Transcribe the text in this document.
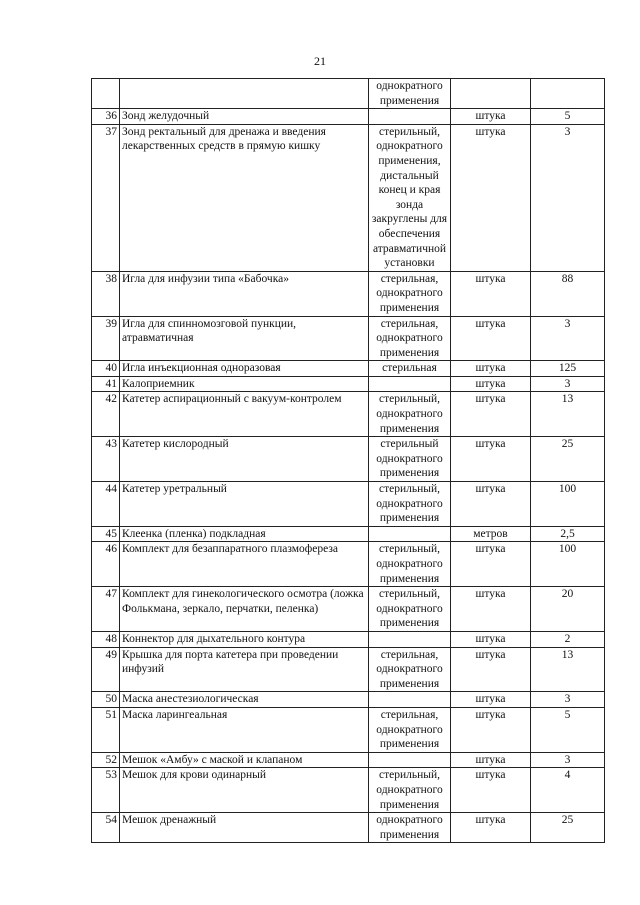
21
		однократного применения		
36	Зонд желудочный		штука	5
37	Зонд ректальный для дренажа и введения лекарственных средств в прямую кишку	стерильный, однократного применения, дистальный конец и края зонда закруглены для обеспечения атравматичной установки	штука	3
38	Игла для инфузии типа «Бабочка»	стерильная, однократного применения	штука	88
39	Игла для спинномозговой пункции, атравматичная	стерильная, однократного применения	штука	3
40	Игла инъекционная одноразовая	стерильная	штука	125
41	Калоприемник		штука	3
42	Катетер аспирационный с вакуум-контролем	стерильный, однократного применения	штука	13
43	Катетер кислородный	стерильный однократного применения	штука	25
44	Катетер уретральный	стерильный, однократного применения	штука	100
45	Клеенка (пленка) подкладная		метров	2,5
46	Комплект для безаппаратного плазмофереза	стерильный, однократного применения	штука	100
47	Комплект для гинекологического осмотра (ложка Фолькмана, зеркало, перчатки, пеленка)	стерильный, однократного применения	штука	20
48	Коннектор для дыхательного контура		штука	2
49	Крышка для порта катетера при проведении инфузий	стерильная, однократного применения	штука	13
50	Маска анестезиологическая		штука	3
51	Маска ларингеальная	стерильная, однократного применения	штука	5
52	Мешок «Амбу» с маской и клапаном		штука	3
53	Мешок для крови одинарный	стерильный, однократного применения	штука	4
54	Мешок дренажный	однократного применения	штука	25
